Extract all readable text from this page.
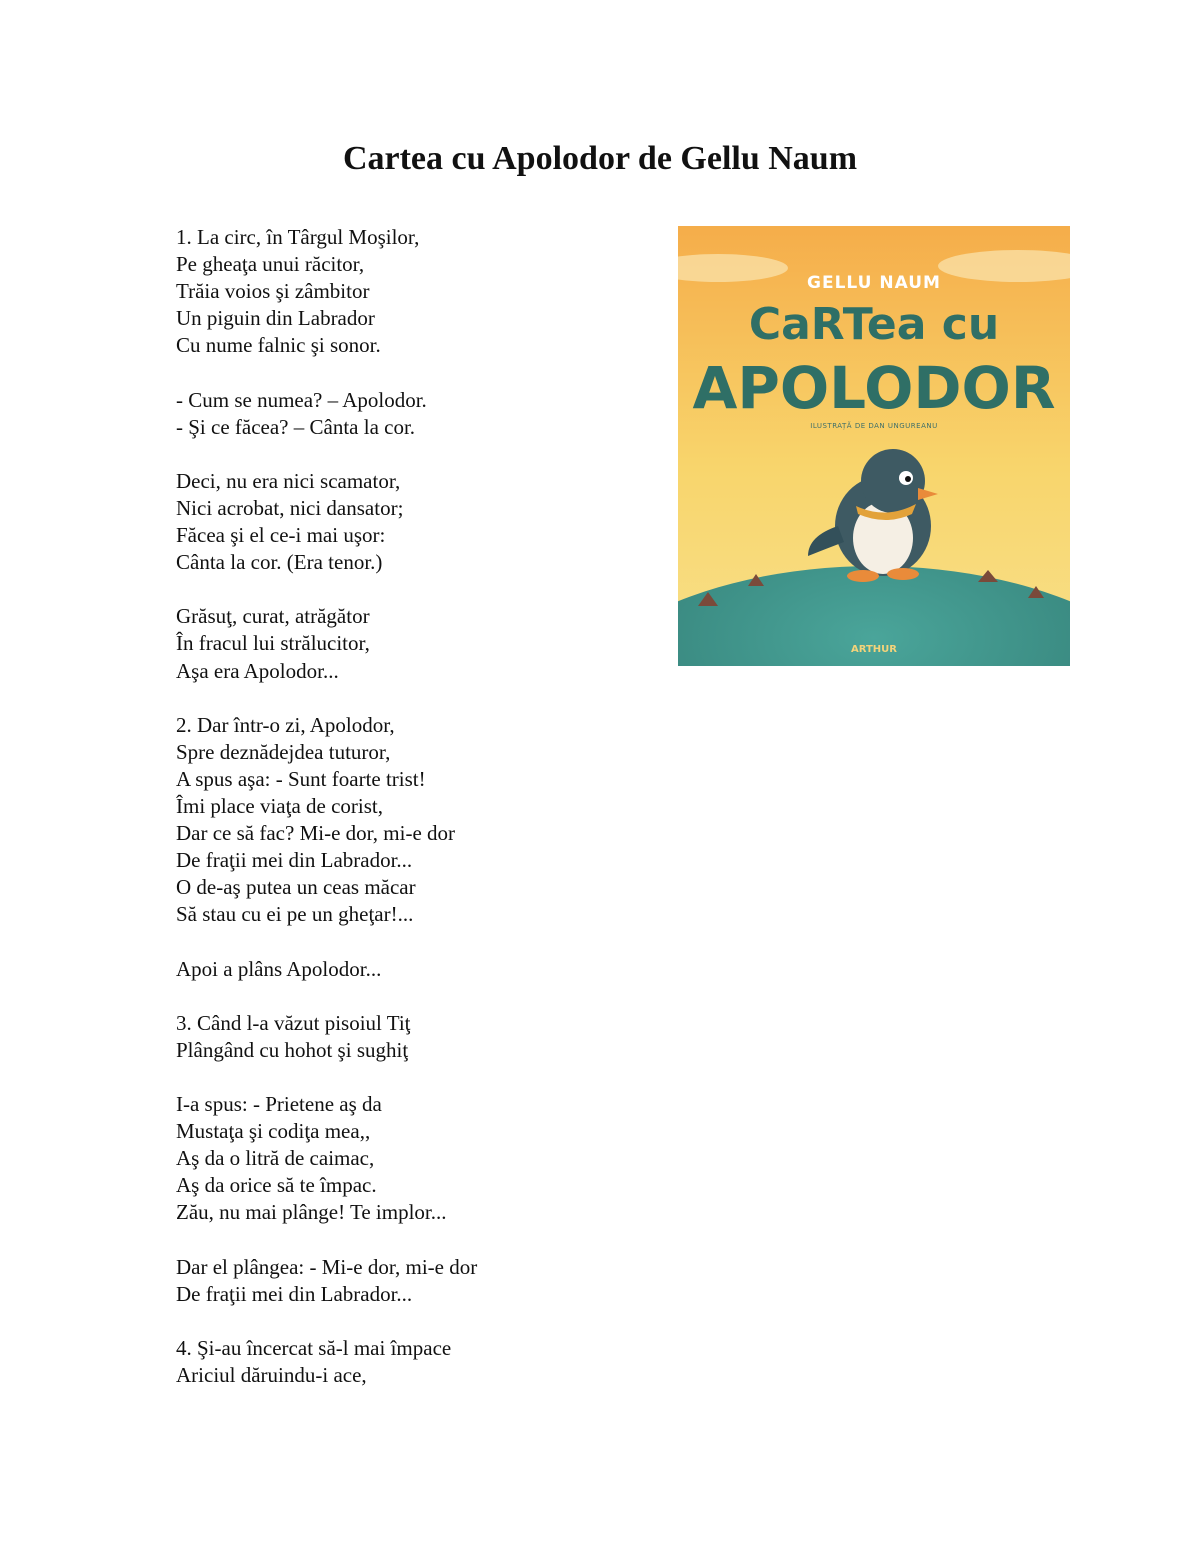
Cartea cu Apolodor de Gellu Naum
1. La circ, în Târgul Moşilor,
Pe gheaţa unui răcitor,
Trăia voios şi zâmbitor
Un piguin din Labrador
Cu nume falnic şi sonor.
- Cum se numea? – Apolodor.
- Şi ce făcea? – Cânta la cor.
Deci, nu era nici scamator,
Nici acrobat, nici dansator;
Făcea şi el ce-i mai uşor:
Cânta la cor. (Era tenor.)
Grăsuţ, curat, atrăgător
În fracul lui strălucitor,
Aşa era Apolodor...
2. Dar într-o zi, Apolodor,
Spre deznădejdea tuturor,
A spus aşa: - Sunt foarte trist!
Îmi place viaţa de corist,
Dar ce să fac? Mi-e dor, mi-e dor
De fraţii mei din Labrador...
O de-aş putea un ceas măcar
Să stau cu ei pe un gheţar!...
Apoi a plâns Apolodor...
3. Când l-a văzut pisoiul Tiţ
Plângând cu hohot şi sughiţ
I-a spus: - Prietene aş da
Mustaţa şi codiţa mea,,
Aş da o litră de caimac,
Aş da orice să te împac.
Zău, nu mai plânge! Te implor...
Dar el plângea: - Mi-e dor, mi-e dor
De fraţii mei din Labrador...
4. Şi-au încercat să-l mai împace
Ariciul dăruindu-i ace,
GELLU NAUM
CaRTea cu
APOLODOR
ILUSTRAȚĂ DE DAN UNGUREANU
ARTHUR
